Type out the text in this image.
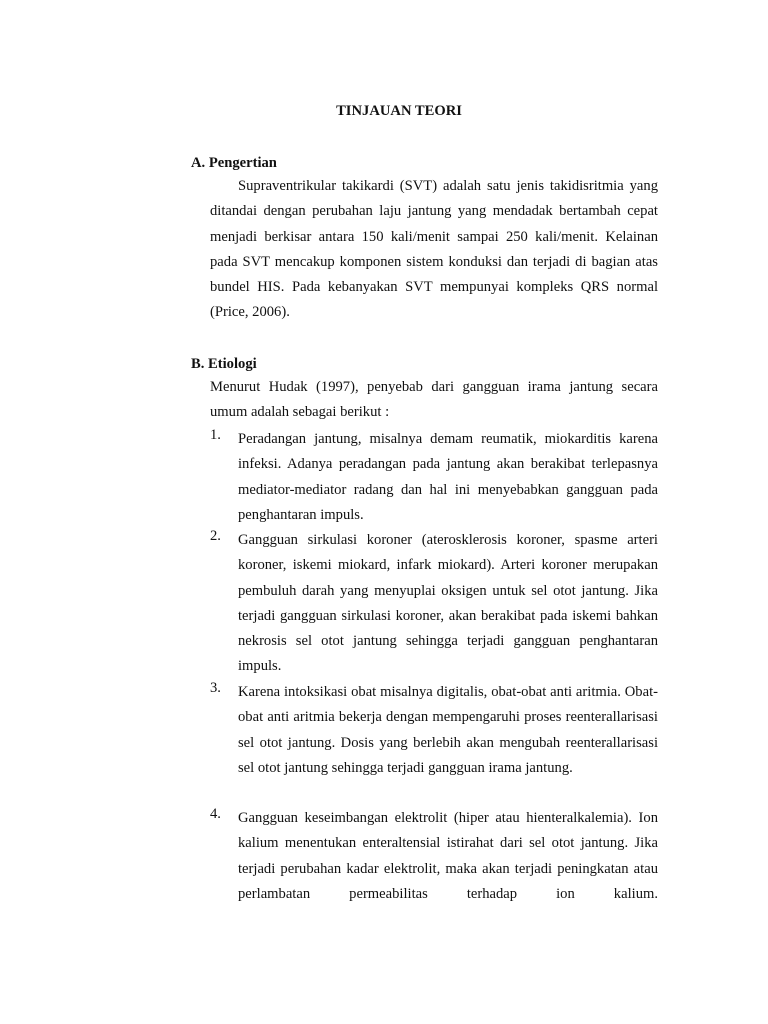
TINJAUAN TEORI
A. Pengertian
Supraventrikular takikardi (SVT) adalah satu jenis takidisritmia yang ditandai dengan perubahan laju jantung yang mendadak bertambah cepat menjadi berkisar antara 150 kali/menit sampai 250 kali/menit. Kelainan pada SVT mencakup komponen sistem konduksi dan terjadi di bagian atas bundel HIS. Pada kebanyakan SVT mempunyai kompleks QRS normal (Price, 2006).
B. Etiologi
Menurut Hudak (1997), penyebab dari gangguan irama jantung secara umum adalah sebagai berikut :
1.	Peradangan jantung, misalnya demam reumatik, miokarditis karena infeksi. Adanya peradangan pada jantung akan berakibat terlepasnya mediator-mediator radang dan hal ini menyebabkan gangguan pada penghantaran impuls.
2.	Gangguan sirkulasi koroner (aterosklerosis koroner, spasme arteri koroner, iskemi miokard, infark miokard). Arteri koroner merupakan pembuluh darah yang menyuplai oksigen untuk sel otot jantung. Jika terjadi gangguan sirkulasi koroner, akan berakibat pada iskemi bahkan nekrosis sel otot jantung sehingga terjadi gangguan penghantaran impuls.
3.	Karena intoksikasi obat misalnya digitalis, obat-obat anti aritmia. Obat-obat anti aritmia bekerja dengan mempengaruhi proses reenterallarisasi sel otot jantung. Dosis yang berlebih akan mengubah reenterallarisasi sel otot jantung sehingga terjadi gangguan irama jantung.
4.	Gangguan keseimbangan elektrolit (hiper atau hienteralkalemia). Ion kalium menentukan enteraltensial istirahat dari sel otot jantung. Jika terjadi perubahan kadar elektrolit, maka akan terjadi peningkatan atau perlambatan permeabilitas terhadap ion kalium.
